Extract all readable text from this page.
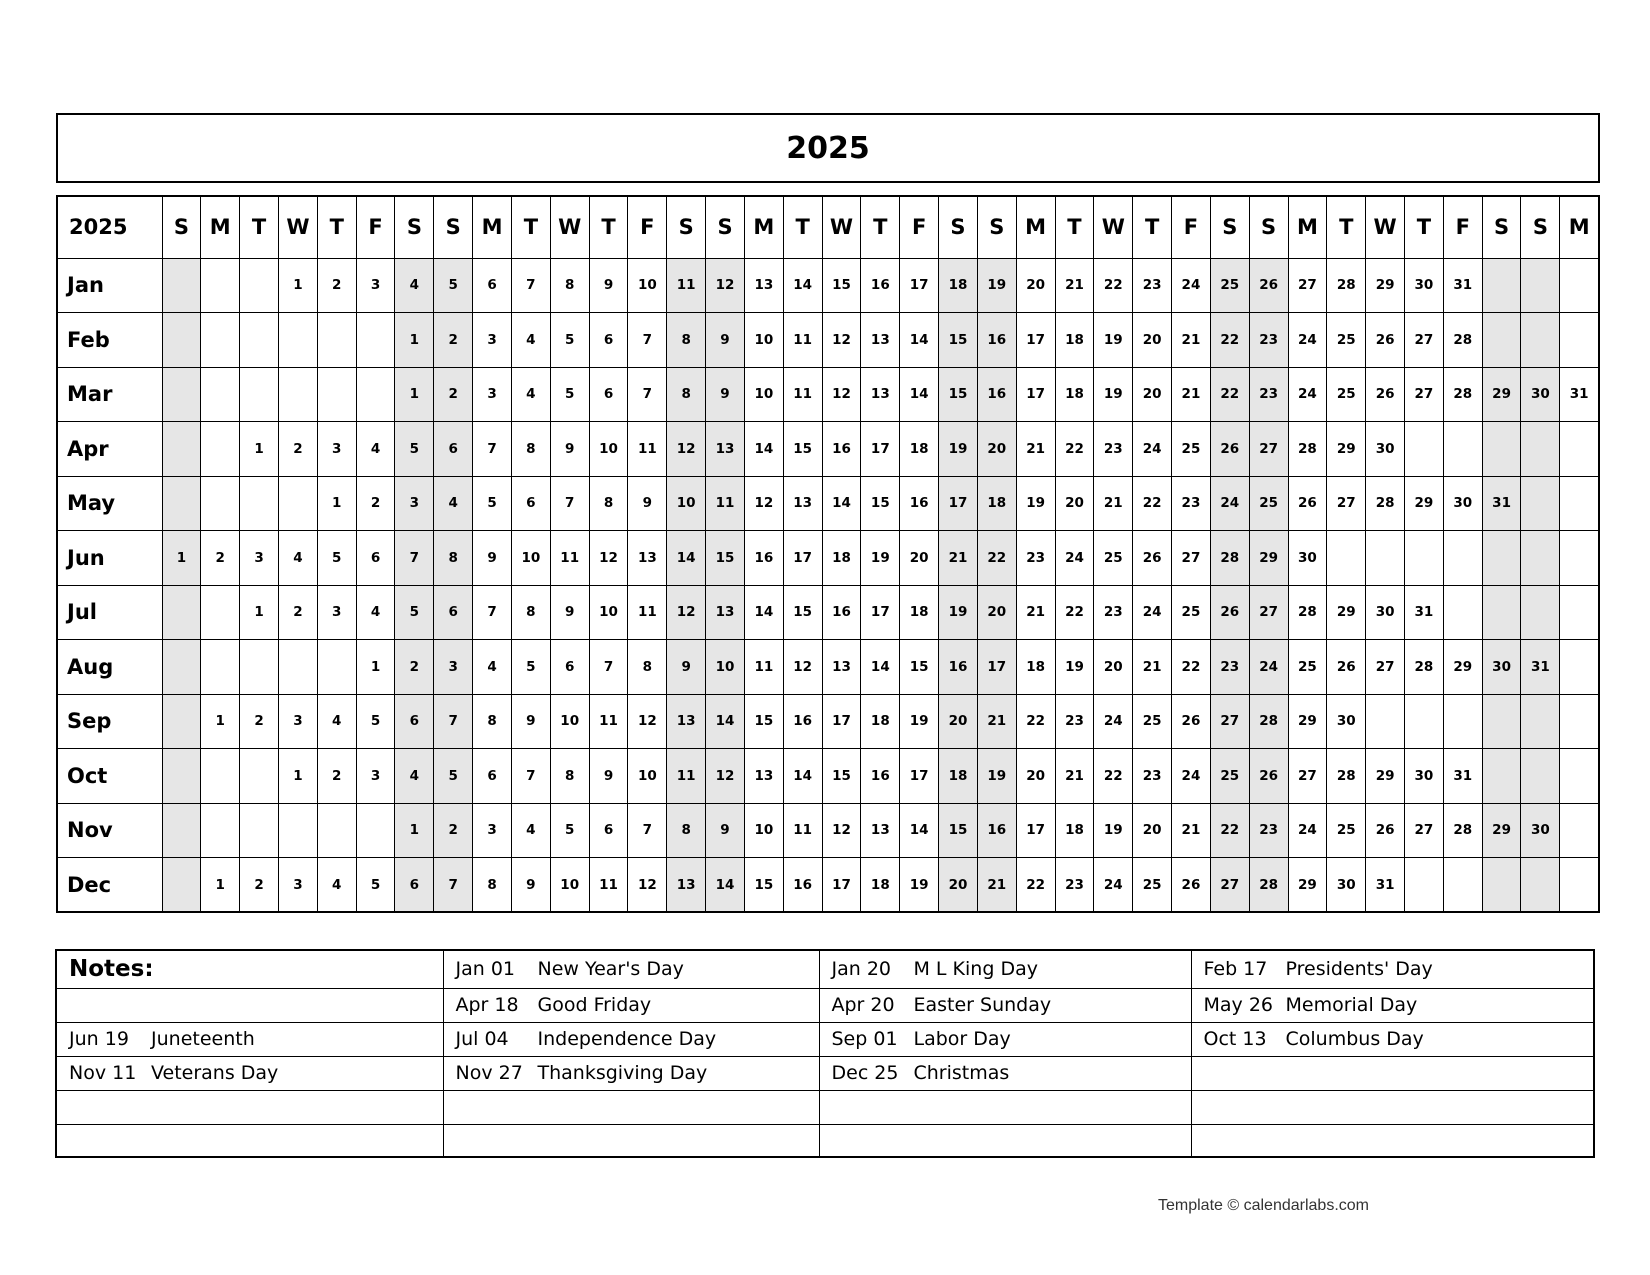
2025
2025	S	M	T	W	T	F	S	S	M	T	W	T	F	S	S	M	T	W	T	F	S	S	M	T	W	T	F	S	S	M	T	W	T	F	S	S	M
Jan				1	2	3	4	5	6	7	8	9	10	11	12	13	14	15	16	17	18	19	20	21	22	23	24	25	26	27	28	29	30	31			
Feb							1	2	3	4	5	6	7	8	9	10	11	12	13	14	15	16	17	18	19	20	21	22	23	24	25	26	27	28			
Mar							1	2	3	4	5	6	7	8	9	10	11	12	13	14	15	16	17	18	19	20	21	22	23	24	25	26	27	28	29	30	31
Apr			1	2	3	4	5	6	7	8	9	10	11	12	13	14	15	16	17	18	19	20	21	22	23	24	25	26	27	28	29	30					
May					1	2	3	4	5	6	7	8	9	10	11	12	13	14	15	16	17	18	19	20	21	22	23	24	25	26	27	28	29	30	31		
Jun	1	2	3	4	5	6	7	8	9	10	11	12	13	14	15	16	17	18	19	20	21	22	23	24	25	26	27	28	29	30							
Jul			1	2	3	4	5	6	7	8	9	10	11	12	13	14	15	16	17	18	19	20	21	22	23	24	25	26	27	28	29	30	31				
Aug						1	2	3	4	5	6	7	8	9	10	11	12	13	14	15	16	17	18	19	20	21	22	23	24	25	26	27	28	29	30	31	
Sep		1	2	3	4	5	6	7	8	9	10	11	12	13	14	15	16	17	18	19	20	21	22	23	24	25	26	27	28	29	30						
Oct				1	2	3	4	5	6	7	8	9	10	11	12	13	14	15	16	17	18	19	20	21	22	23	24	25	26	27	28	29	30	31			
Nov							1	2	3	4	5	6	7	8	9	10	11	12	13	14	15	16	17	18	19	20	21	22	23	24	25	26	27	28	29	30	
Dec		1	2	3	4	5	6	7	8	9	10	11	12	13	14	15	16	17	18	19	20	21	22	23	24	25	26	27	28	29	30	31					
Notes:	Jan 01 New Year's Day	Jan 20 M L King Day	Feb 17 Presidents' Day

	Apr 18 Good Friday	Apr 20 Easter Sunday	May 26 Memorial Day

Jun 19 Juneteenth	Jul 04 Independence Day	Sep 01 Labor Day	Oct 13 Columbus Day

Nov 11 Veterans Day	Nov 27 Thanksgiving Day	Dec 25 Christmas	

Template © calendarlabs.com
